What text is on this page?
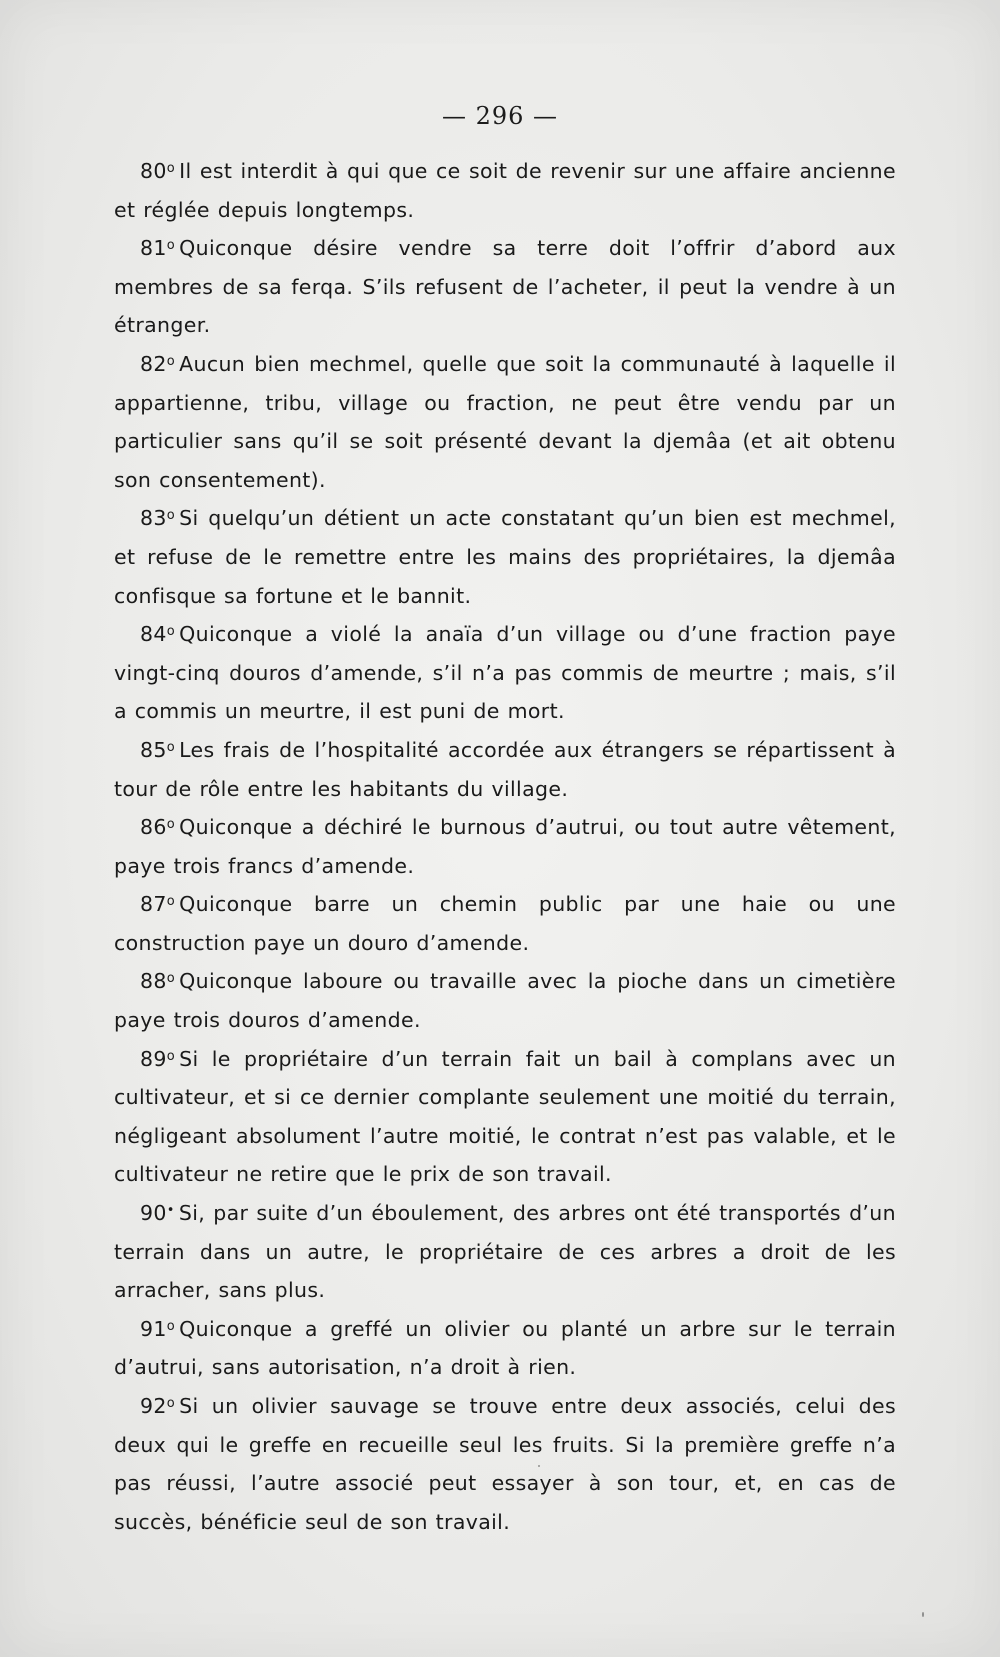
— 296 —

80$^o$ Il est interdit à qui que ce soit de revenir sur une affaire ancienne et réglée depuis longtemps.

81$^o$ Quiconque désire vendre sa terre doit l’offrir d’abord aux membres de sa ferqa. S’ils refusent de l’acheter, il peut la vendre à un étranger.

82$^o$ Aucun bien mechmel, quelle que soit la communauté à laquelle il appartienne, tribu, village ou fraction, ne peut être vendu par un particulier sans qu’il se soit présenté devant la djemâa (et ait obtenu son consentement).

83$^o$ Si quelqu’un détient un acte constatant qu’un bien est mechmel, et refuse de le remettre entre les mains des propriétaires, la djemâa confisque sa fortune et le bannit.

84$^o$ Quiconque a violé la anaïa d’un village ou d’une fraction paye vingt-cinq douros d’amende, s’il n’a pas commis de meurtre ; mais, s’il a commis un meurtre, il est puni de mort.

85$^o$ Les frais de l’hospitalité accordée aux étrangers se répartissent à tour de rôle entre les habitants du village.

86$^o$ Quiconque a déchiré le burnous d’autrui, ou tout autre vêtement, paye trois francs d’amende.

87$^o$ Quiconque barre un chemin public par une haie ou une construction paye un douro d’amende.

88$^o$ Quiconque laboure ou travaille avec la pioche dans un cimetière paye trois douros d’amende.

89$^o$ Si le propriétaire d’un terrain fait un bail à complans avec un cultivateur, et si ce dernier complante seulement une moitié du terrain, négligeant absolument l’autre moitié, le contrat n’est pas valable, et le cultivateur ne retire que le prix de son travail.

90• Si, par suite d’un éboulement, des arbres ont été transportés d’un terrain dans un autre, le propriétaire de ces arbres a droit de les arracher, sans plus.

91$^o$ Quiconque a greffé un olivier ou planté un arbre sur le terrain d’autrui, sans autorisation, n’a droit à rien.

92$^o$ Si un olivier sauvage se trouve entre deux associés, celui des deux qui le greffe en recueille seul les fruits. Si la première greffe n’a pas réussi, l’autre associé peut essayer à son tour, et, en cas de succès, bénéficie seul de son travail.
